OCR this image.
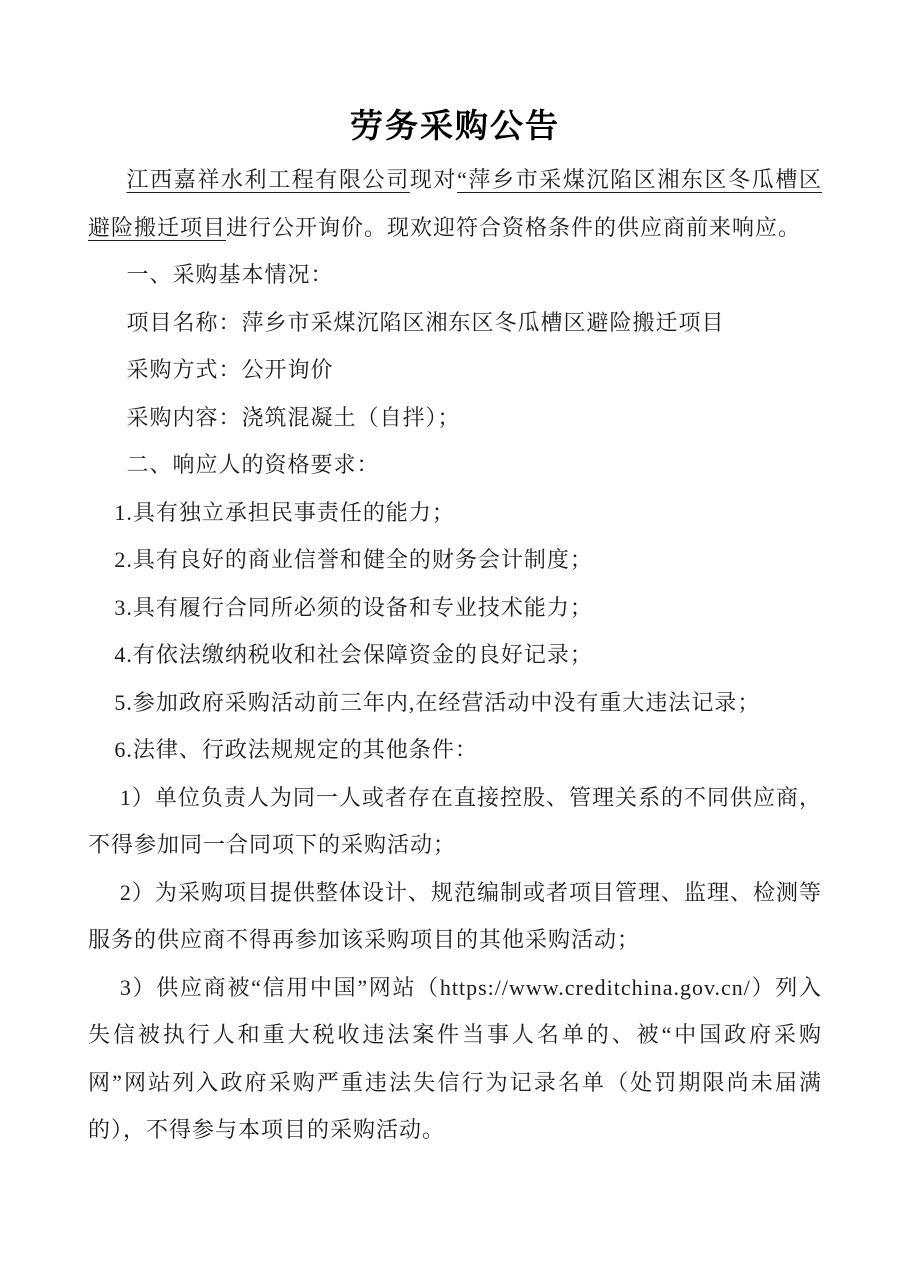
劳务采购公告

江西嘉祥水利工程有限公司现对“萍乡市采煤沉陷区湘东区冬瓜槽区避险搬迁项目进行公开询价。现欢迎符合资格条件的供应商前来响应。

一、采购基本情况：

项目名称：萍乡市采煤沉陷区湘东区冬瓜槽区避险搬迁项目

采购方式：公开询价

采购内容：浇筑混凝土（自拌）；

二、响应人的资格要求：

1.具有独立承担民事责任的能力；

2.具有良好的商业信誉和健全的财务会计制度；

3.具有履行合同所必须的设备和专业技术能力；

4.有依法缴纳税收和社会保障资金的良好记录；

5.参加政府采购活动前三年内,在经营活动中没有重大违法记录；

6.法律、行政法规规定的其他条件：

1）单位负责人为同一人或者存在直接控股、管理关系的不同供应商，不得参加同一合同项下的采购活动；

2）为采购项目提供整体设计、规范编制或者项目管理、监理、检测等服务的供应商不得再参加该采购项目的其他采购活动；

3）供应商被“信用中国”网站（https://www.creditchina.gov.cn/）列入失信被执行人和重大税收违法案件当事人名单的、被“中国政府采购网”网站列入政府采购严重违法失信行为记录名单（处罚期限尚未届满的），不得参与本项目的采购活动。
